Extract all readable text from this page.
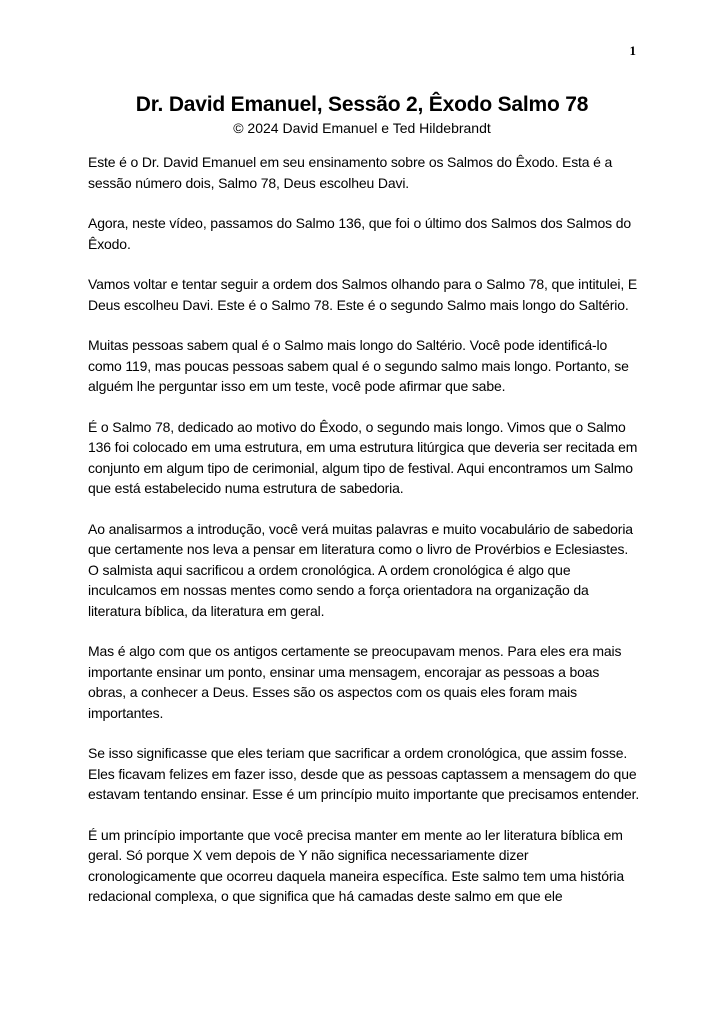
1
Dr. David Emanuel, Sessão 2, Êxodo Salmo 78
© 2024 David Emanuel e Ted Hildebrandt

Este é o Dr. David Emanuel em seu ensinamento sobre os Salmos do Êxodo. Esta é a sessão número dois, Salmo 78, Deus escolheu Davi.

Agora, neste vídeo, passamos do Salmo 136, que foi o último dos Salmos dos Salmos do Êxodo.

Vamos voltar e tentar seguir a ordem dos Salmos olhando para o Salmo 78, que intitulei, E Deus escolheu Davi. Este é o Salmo 78. Este é o segundo Salmo mais longo do Saltério.

Muitas pessoas sabem qual é o Salmo mais longo do Saltério. Você pode identificá-lo como 119, mas poucas pessoas sabem qual é o segundo salmo mais longo. Portanto, se alguém lhe perguntar isso em um teste, você pode afirmar que sabe.

É o Salmo 78, dedicado ao motivo do Êxodo, o segundo mais longo. Vimos que o Salmo 136 foi colocado em uma estrutura, em uma estrutura litúrgica que deveria ser recitada em conjunto em algum tipo de cerimonial, algum tipo de festival. Aqui encontramos um Salmo que está estabelecido numa estrutura de sabedoria.

Ao analisarmos a introdução, você verá muitas palavras e muito vocabulário de sabedoria que certamente nos leva a pensar em literatura como o livro de Provérbios e Eclesiastes. O salmista aqui sacrificou a ordem cronológica. A ordem cronológica é algo que inculcamos em nossas mentes como sendo a força orientadora na organização da literatura bíblica, da literatura em geral.

Mas é algo com que os antigos certamente se preocupavam menos. Para eles era mais importante ensinar um ponto, ensinar uma mensagem, encorajar as pessoas a boas obras, a conhecer a Deus. Esses são os aspectos com os quais eles foram mais importantes.

Se isso significasse que eles teriam que sacrificar a ordem cronológica, que assim fosse. Eles ficavam felizes em fazer isso, desde que as pessoas captassem a mensagem do que estavam tentando ensinar. Esse é um princípio muito importante que precisamos entender.

É um princípio importante que você precisa manter em mente ao ler literatura bíblica em geral. Só porque X vem depois de Y não significa necessariamente dizer cronologicamente que ocorreu daquela maneira específica. Este salmo tem uma história redacional complexa, o que significa que há camadas deste salmo em que ele
